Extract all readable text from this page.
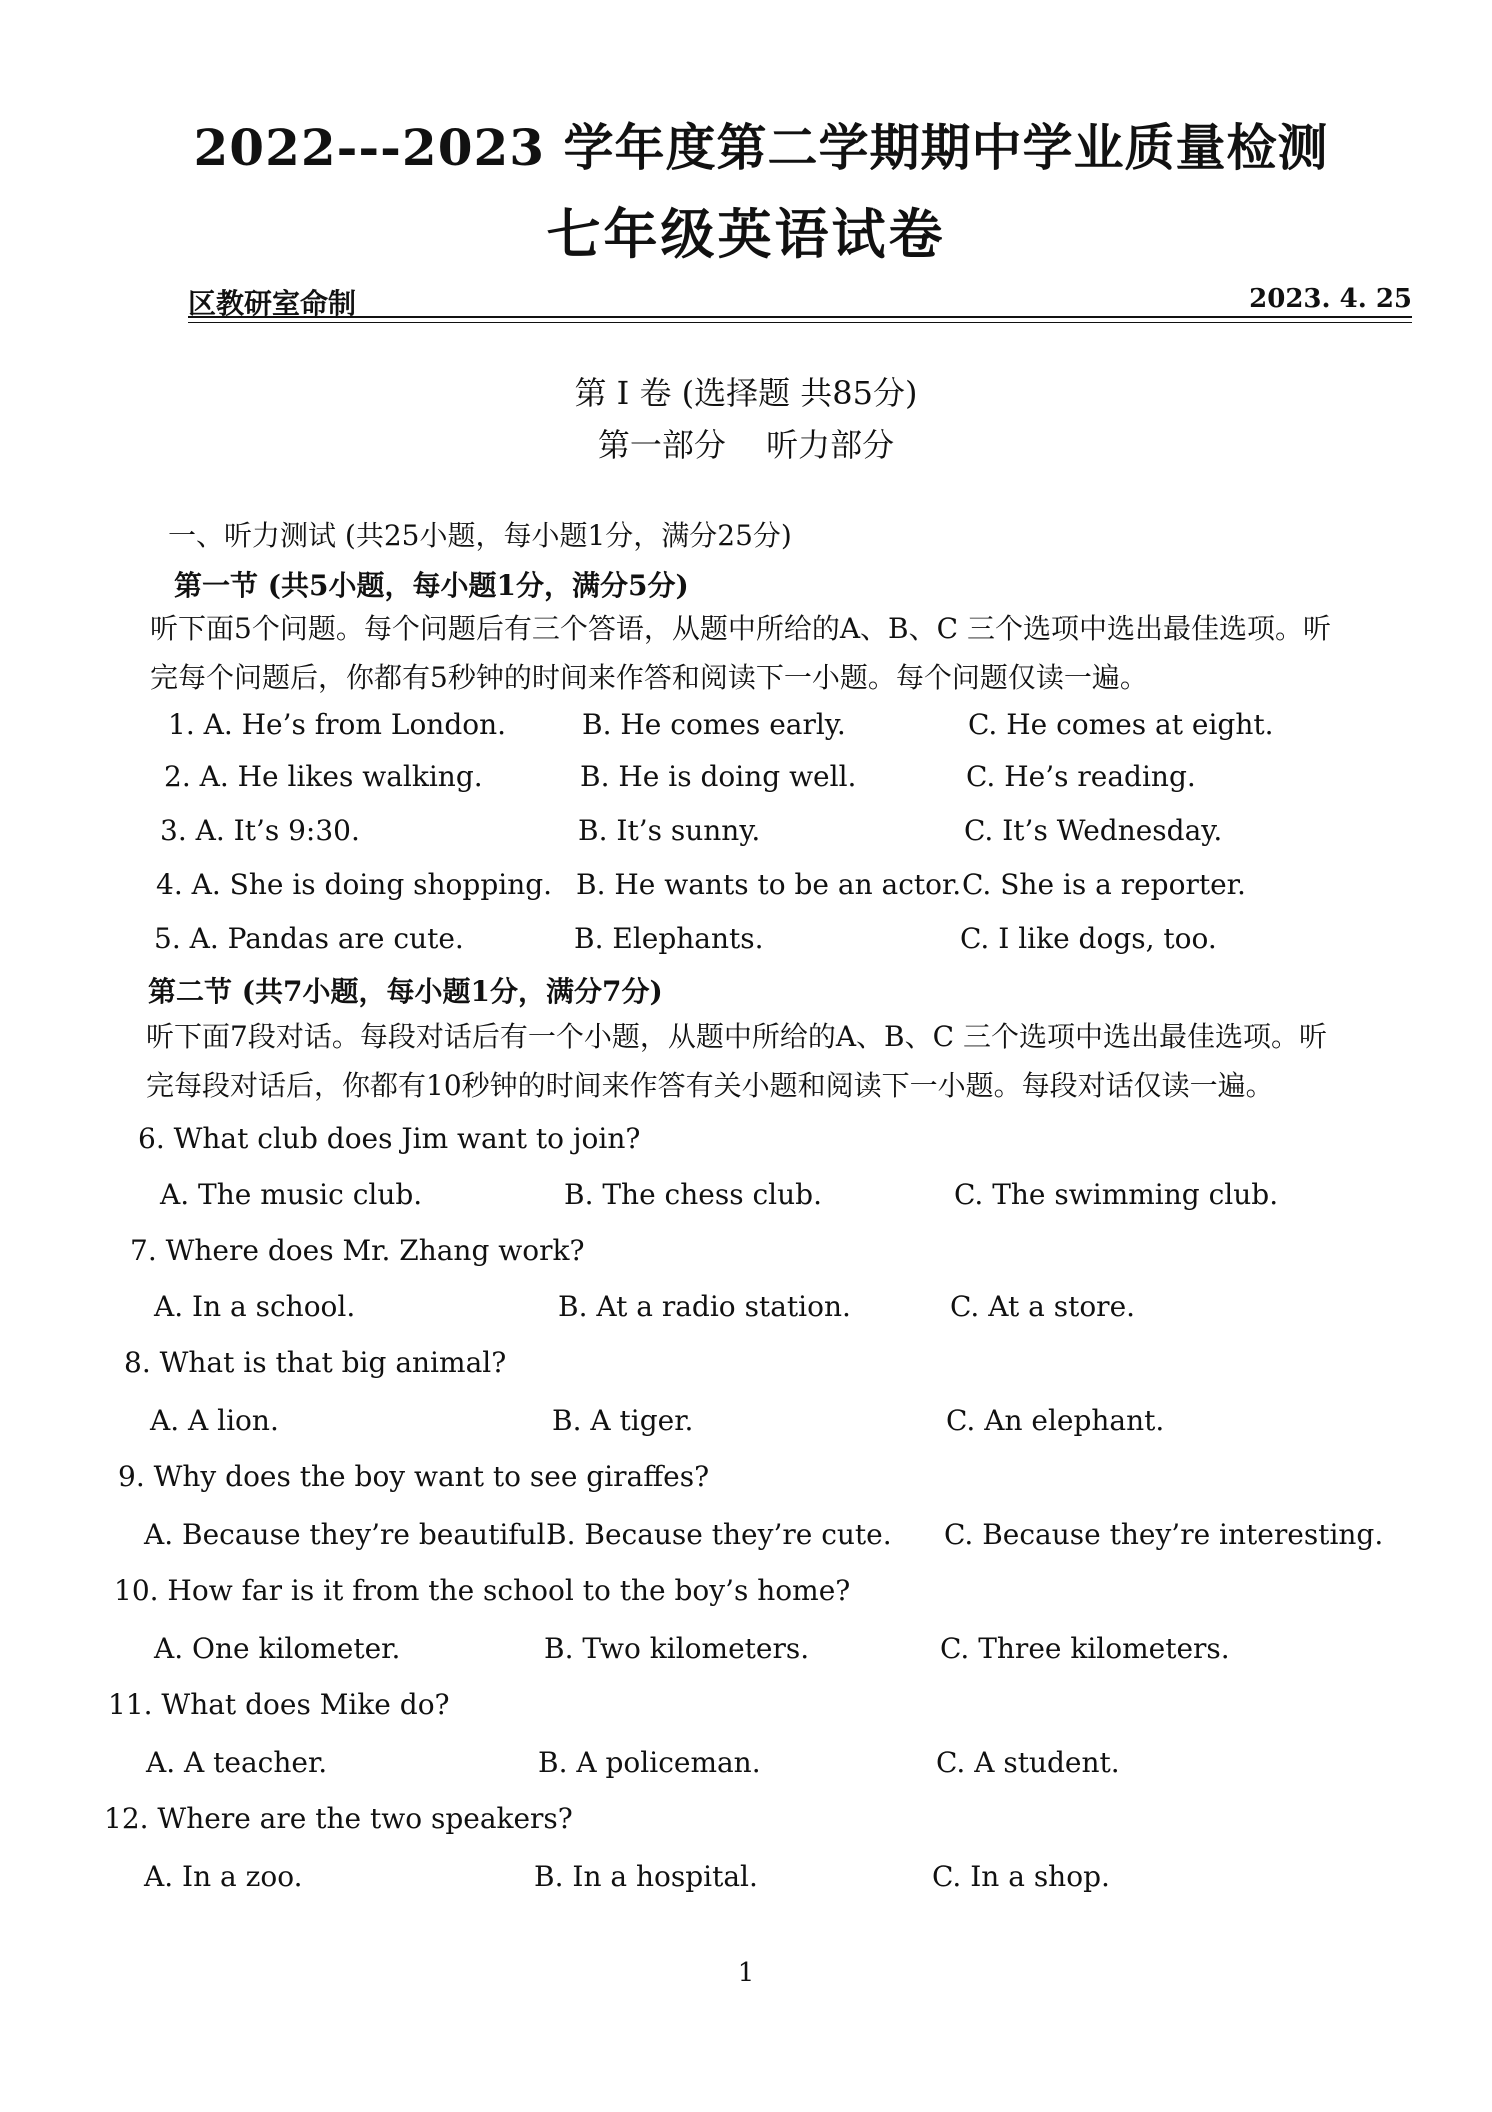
2022---2023 学年度第二学期期中学业质量检测
七年级英语试卷
区教研室命制	2023. 4. 25
第 I 卷 (选择题 共85分)
第一部分 听力部分
一、听力测试 (共25小题，每小题1分，满分25分)
第一节 (共5小题，每小题1分，满分5分)
听下面5个问题。每个问题后有三个答语，从题中所给的A、B、C 三个选项中选出最佳选项。听
完每个问题后，你都有5秒钟的时间来作答和阅读下一小题。每个问题仅读一遍。
1. A. He’s from London.	B. He comes early.	C. He comes at eight.
2. A. He likes walking.	B. He is doing well.	C. He’s reading.
3. A. It’s 9:30.	B. It’s sunny.	C. It’s Wednesday.
4. A. She is doing shopping. B. He wants to be an actor. C. She is a reporter.
5. A. Pandas are cute.	B. Elephants.	C. I like dogs, too.
第二节 (共7小题，每小题1分，满分7分)
听下面7段对话。每段对话后有一个小题，从题中所给的A、B、C 三个选项中选出最佳选项。听
完每段对话后，你都有10秒钟的时间来作答有关小题和阅读下一小题。每段对话仅读一遍。
6. What club does Jim want to join?
A. The music club.	B. The chess club.	C. The swimming club.
7. Where does Mr. Zhang work?
A. In a school.	B. At a radio station.	C. At a store.
8. What is that big animal?
A. A lion.	B. A tiger.	C. An elephant.
9. Why does the boy want to see giraffes?
A. Because they’re beautiful.
B. Because they’re cute. C. Because they’re interesting.
10. How far is it from the school to the boy’s home?
A. One kilometer.	B. Two kilometers.	C. Three kilometers.
11. What does Mike do?
A. A teacher.	B. A policeman.	C. A student.
12. Where are the two speakers?
A. In a zoo.	B. In a hospital.	C. In a shop.
1
